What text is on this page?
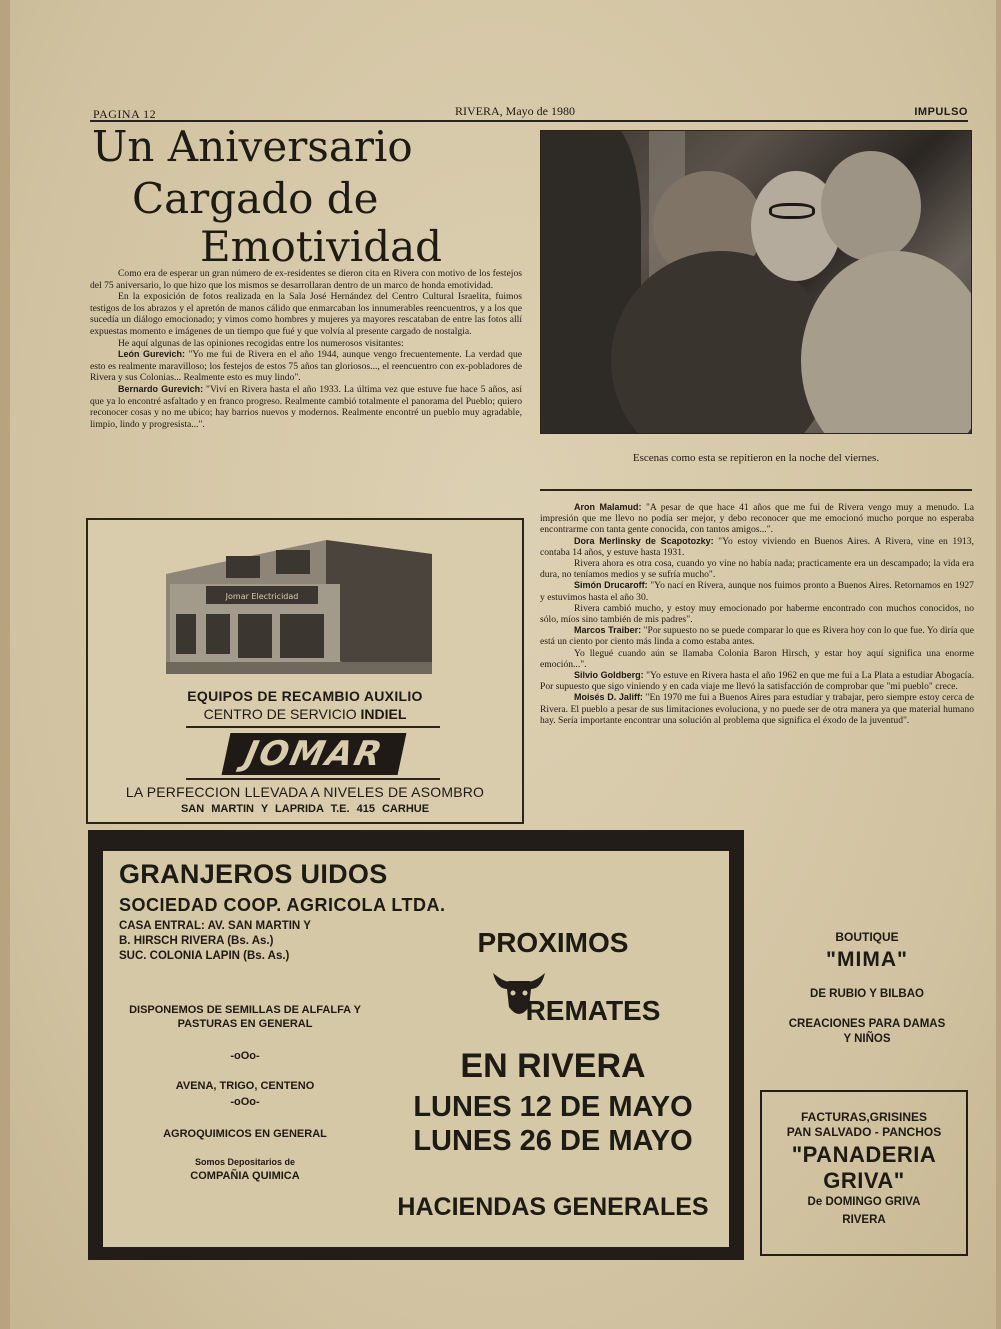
PAGINA 12	RIVERA, Mayo de 1980	IMPULSO
Un Aniversario
Cargado de
Emotividad

Como era de esperar un gran número de ex-residentes se dieron cita en Rivera con motivo de los festejos del 75 aniversario, lo que hizo que los mismos se desarrollaran dentro de un marco de honda emotividad.

En la exposición de fotos realizada en la Sala José Hernández del Centro Cultural Israelita, fuimos testigos de los abrazos y el apretón de manos cálido que enmarcaban los innumerables reencuentros, y a los que sucedía un diálogo emocionado; y vimos como hombres y mujeres ya mayores rescataban de entre las fotos allí expuestas momento e imágenes de un tiempo que fué y que volvía al presente cargado de nostalgia.

He aquí algunas de las opiniones recogidas entre los numerosos visitantes:

León Gurevich: "Yo me fui de Rivera en el año 1944, aunque vengo frecuentemente. La verdad que esto es realmente maravilloso; los festejos de estos 75 años tan gloriosos..., el reencuentro con ex-pobladores de Rivera y sus Colonias... Realmente esto es muy lindo".

Bernardo Gurevich: "Viví en Rivera hasta el año 1933. La última vez que estuve fue hace 5 años, así que ya lo encontré asfaltado y en franco progreso. Realmente cambió totalmente el panorama del Pueblo; quiero reconocer cosas y no me ubico; hay barrios nuevos y modernos. Realmente encontré un pueblo muy agradable, limpio, lindo y progresista...".

Escenas como esta se repitieron en la noche del viernes.

Aron Malamud: "A pesar de que hace 41 años que me fui de Rivera vengo muy a menudo. La impresión que me llevo no podía ser mejor, y debo reconocer que me emocionó mucho porque no esperaba encontrarme con tanta gente conocida, con tantos amigos...".

Dora Merlinsky de Scapotozky: "Yo estoy viviendo en Buenos Aires. A Rivera, vine en 1913, contaba 14 años, y estuve hasta 1931.

Rivera ahora es otra cosa, cuando yo vine no había nada; practicamente era un descampado; la vida era dura, no teníamos medios y se sufría mucho".

Simón Drucaroff: "Yo nací en Rivera, aunque nos fuimos pronto a Buenos Aires. Retornamos en 1927 y estuvimos hasta el año 30.

Rivera cambió mucho, y estoy muy emocionado por haberme encontrado con muchos conocidos, no sólo, míos sino también de mis padres".

Marcos Traiber: "Por supuesto no se puede comparar lo que es Rivera hoy con lo que fue. Yo diría que está un ciento por ciento más linda a como estaba antes.

Yo llegué cuando aún se llamaba Colonia Baron Hirsch, y estar hoy aquí significa una enorme emoción...".

Silvio Goldberg: "Yo estuve en Rivera hasta el año 1962 en que me fui a La Plata a estudiar Abogacía. Por supuesto que sigo viniendo y en cada viaje me llevó la satisfacción de comprobar que "mi pueblo" crece.

Moisés D. Jaliff: "En 1970 me fui a Buenos Aires para estudiar y trabajar, pero siempre estoy cerca de Rivera. El pueblo a pesar de sus limitaciones evoluciona, y no puede ser de otra manera ya que material humano hay. Sería importante encontrar una solución al problema que significa el éxodo de la juventud".

Jomar Electricidad
EQUIPOS DE RECAMBIO AUXILIO
CENTRO DE SERVICIO INDIEL
JOMAR
LA PERFECCION LLEVADA A NIVELES DE ASOMBRO
SAN MARTIN Y LAPRIDA T.E. 415 CARHUE
GRANJEROS UIDOS
SOCIEDAD COOP. AGRICOLA LTDA.
CASA ENTRAL: AV. SAN MARTIN Y
B. HIRSCH RIVERA (Bs. As.)
SUC. COLONIA LAPIN (Bs. As.)
DISPONEMOS DE SEMILLAS DE ALFALFA Y PASTURAS EN GENERAL
-oOo-
AVENA, TRIGO, CENTENO
-oOo-
AGROQUIMICOS EN GENERAL
Somos Depositarios de
COMPAÑIA QUIMICA
PROXIMOS
REMATES
EN RIVERA
LUNES 12 DE MAYO
LUNES 26 DE MAYO
HACIENDAS GENERALES
BOUTIQUE
"MIMA"
DE RUBIO Y BILBAO
CREACIONES PARA DAMAS
Y NIÑOS
FACTURAS,GRISINES
PAN SALVADO - PANCHOS
"PANADERIA
GRIVA"
De DOMINGO GRIVA
RIVERA
